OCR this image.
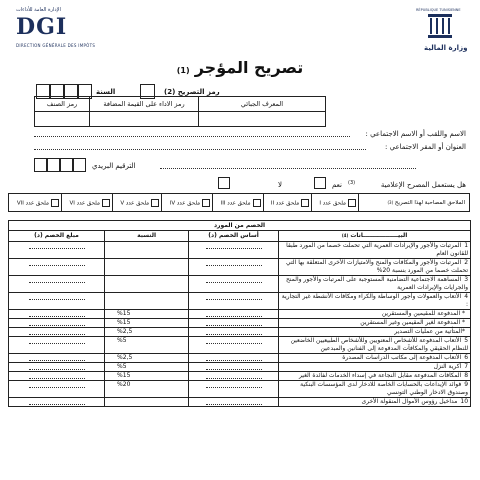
الإدارة العامة للأداءات
DGI
DIRECTION GÉNÉRALE DES IMPÔTS
RÉPUBLIQUE TUNISIENNE
وزارة المالية
تصريح المؤجر (1)
السنة	رمز التصريح (2)
رمز الصنف	رمز الاداء على القيمة المضافة	المعرف الجبائي

الاسم واللقب أو الاسم الاجتماعي :
العنوان أو المقر الاجتماعي :
الترقيم البريدي
لا	نعم (3)	هل يستعمل المصرح الإعلامية
الملاحق المصاحبة لهذا التصريح (3)	ملحق عدد I	ملحق عدد II	ملحق عدد III	ملحق عدد IV	ملحق عدد V	ملحق عدد VI	ملحق عدد VII
الخصم من المورد			
البيـــــــــــــــــانات (4)	أساس الخصم (د)	النسبة	مبلغ الخصم (د)
1المرتبات والأجور والإيرادات العمرية التي تحملت خصما من المورد طبقا للقانون العام	

2المرتبات والأجور والمكافآت والمنح والامتيازات الأخرى المتعلقة بها التي تحملت خصما من المورد بنسبة 20%	

3المساهمة الاجتماعية التضامنية المستوجبة على المرتبات والأجور والمنح والجرايات والإيرادات العمرية	

4الأتعاب والعمولات وأجور الوساطة والكراء ومكافآت الأنشطة غير التجارية :	

* المدفوعة للمقيمين والمستقرين		%15	

* المدفوعة لغير المقيمين وغير المستقرين		%15	

*المتأتية من عمليات التصدير		%2,5	

5الأتعاب المدفوعة للأشخاص المعنويين وللأشخاص الطبيعيين الخاضعين للنظام الحقيقي والمكافآت المدفوعة إلى الفنانين والمبدعين		%5	

6الأتعاب المدفوعة إلى مكاتب الدراسات المصدرة		%2,5	

7أكرية النزل		%5	

8المكافآت المدفوعة مقابل النجاعة في إسداء الخدمات لفائدة الغير		%15	

9فوائد الإيداعات بالحسابات الخاصة للادخار لدى المؤسسات البنكية وصندوق الادخار الوطني التونسي		%20	

10مداخيل رؤوس الأموال المنقولة الأخرى	
